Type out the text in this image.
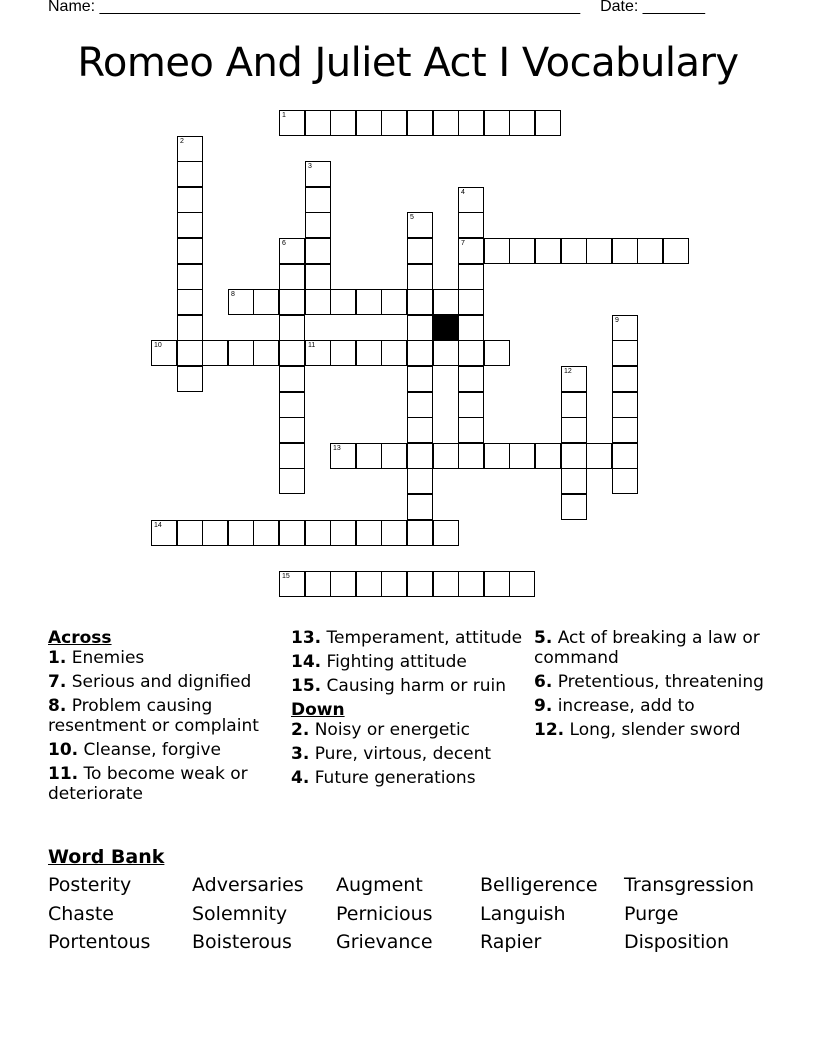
Name: ______________________________________________________ Date: _______
Romeo And Juliet Act I Vocabulary
1
2
3
4
7
5
6
8
9
10	11
12
13
14
15
Across
1. Enemies
7. Serious and dignified
8. Problem causing resentment or complaint
10. Cleanse, forgive
11. To become weak or deteriorate
13. Temperament, attitude
14. Fighting attitude
15. Causing harm or ruin
Down
2. Noisy or energetic
3. Pure, virtous, decent
4. Future generations
5. Act of breaking a law or command
6. Pretentious, threatening
9. increase, add to
12. Long, slender sword
Word Bank
Posterity	Adversaries	Augment	Belligerence	Transgression
Chaste	Solemnity	Pernicious	Languish	Purge
Portentous	Boisterous	Grievance	Rapier	Disposition
